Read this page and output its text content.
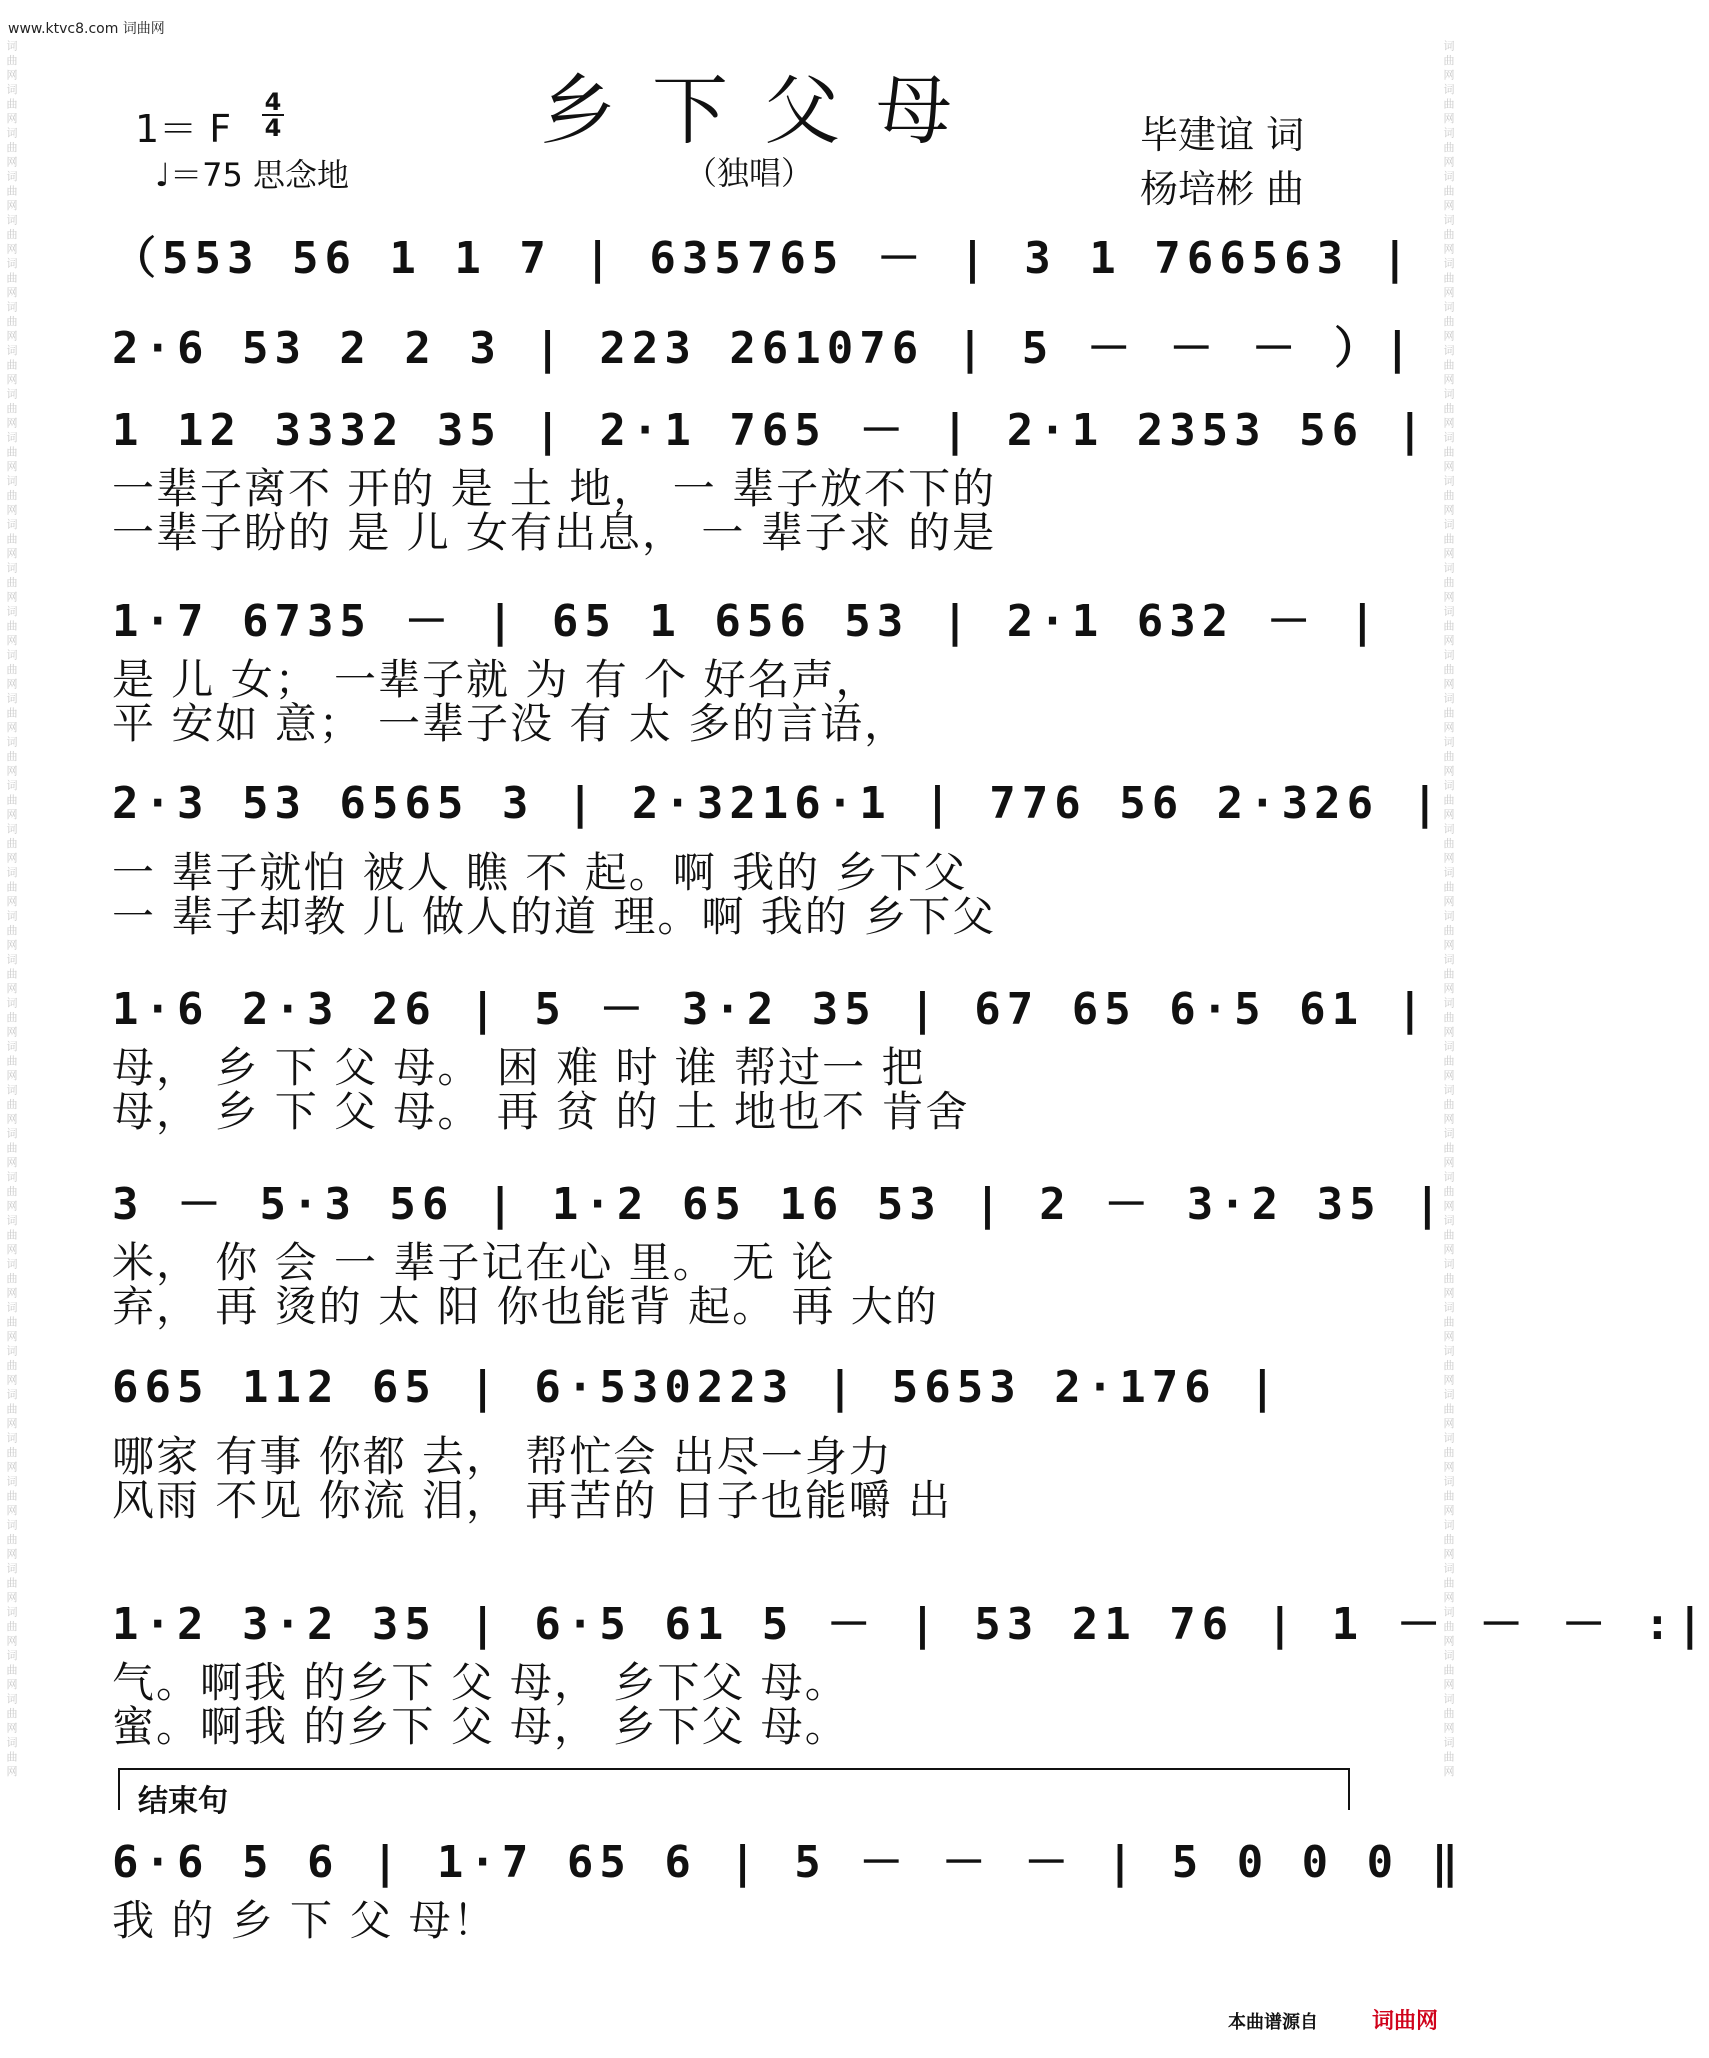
www.ktvc8.com 词曲网
词 曲 网 词 曲 网 词 曲 网 词 曲 网 词 曲 网 词 曲 网 词 曲 网 词 曲 网 词 曲 网 词 曲 网 词 曲 网 词 曲 网 词 曲 网 词 曲 网 词 曲 网 词 曲 网 词 曲 网 词 曲 网 词 曲 网 词 曲 网 词 曲 网 词 曲 网 词 曲 网 词 曲 网 词 曲 网 词 曲 网 词 曲 网 词 曲 网 词 曲 网 词 曲 网 词 曲 网 词 曲 网 词 曲 网 词 曲 网 词 曲 网 词 曲 网 词 曲 网 词 曲 网 词 曲 网 词 曲 网	词 曲 网 词 曲 网 词 曲 网 词 曲 网 词 曲 网 词 曲 网 词 曲 网 词 曲 网 词 曲 网 词 曲 网 词 曲 网 词 曲 网 词 曲 网 词 曲 网 词 曲 网 词 曲 网 词 曲 网 词 曲 网 词 曲 网 词 曲 网 词 曲 网 词 曲 网 词 曲 网 词 曲 网 词 曲 网 词 曲 网 词 曲 网 词 曲 网 词 曲 网 词 曲 网 词 曲 网 词 曲 网 词 曲 网 词 曲 网 词 曲 网 词 曲 网 词 曲 网 词 曲 网 词 曲 网 词 曲 网
乡下父母
（独唱）
1＝ F
4
4
♩＝75 思念地
毕建谊 词
杨培彬 曲
（553 56 1 1 7 | 635765 － | 3 1 766563 |
2·6 53 2 2 3 | 223 261076 | 5 － － － ）|
1 12 3332 35 | 2·1 765 － | 2·1 2353 56 |
一辈子离不 开的 是 土 地， 一 辈子放不下的
一辈子盼的 是 儿 女有出息， 一 辈子求 的是
1·7 6735 － | 65 1 656 53 | 2·1 632 － |
是 儿 女； 一辈子就 为 有 个 好名声，
平 安如 意； 一辈子没 有 太 多的言语，
2·3 53 6565 3 | 2·3216·1 | 776 56 2·326 |
一 辈子就怕 被人 瞧 不 起。啊 我的 乡下父
一 辈子却教 儿 做人的道 理。啊 我的 乡下父
1·6 2·3 26 | 5 － 3·2 35 | 67 65 6·5 61 |
母， 乡 下 父 母。 困 难 时 谁 帮过一 把
母， 乡 下 父 母。 再 贫 的 土 地也不 肯舍
3 － 5·3 56 | 1·2 65 16 53 | 2 － 3·2 35 |
米， 你 会 一 辈子记在心 里。 无 论
弃， 再 烫的 太 阳 你也能背 起。 再 大的
665 112 65 | 6·530223 | 5653 2·176 |
哪家 有事 你都 去， 帮忙会 出尽一身力
风雨 不见 你流 泪， 再苦的 日子也能嚼 出
1·2 3·2 35 | 6·5 61 5 － | 53 21 76 | 1 － － － :|
气。啊我 的乡下 父 母， 乡下父 母。
蜜。啊我 的乡下 父 母， 乡下父 母。
结束句
6·6 5 6 | 1·7 65 6 | 5 － － － | 5 0 0 0 ‖
我 的 乡 下 父 母！
本曲谱源自 词曲网
